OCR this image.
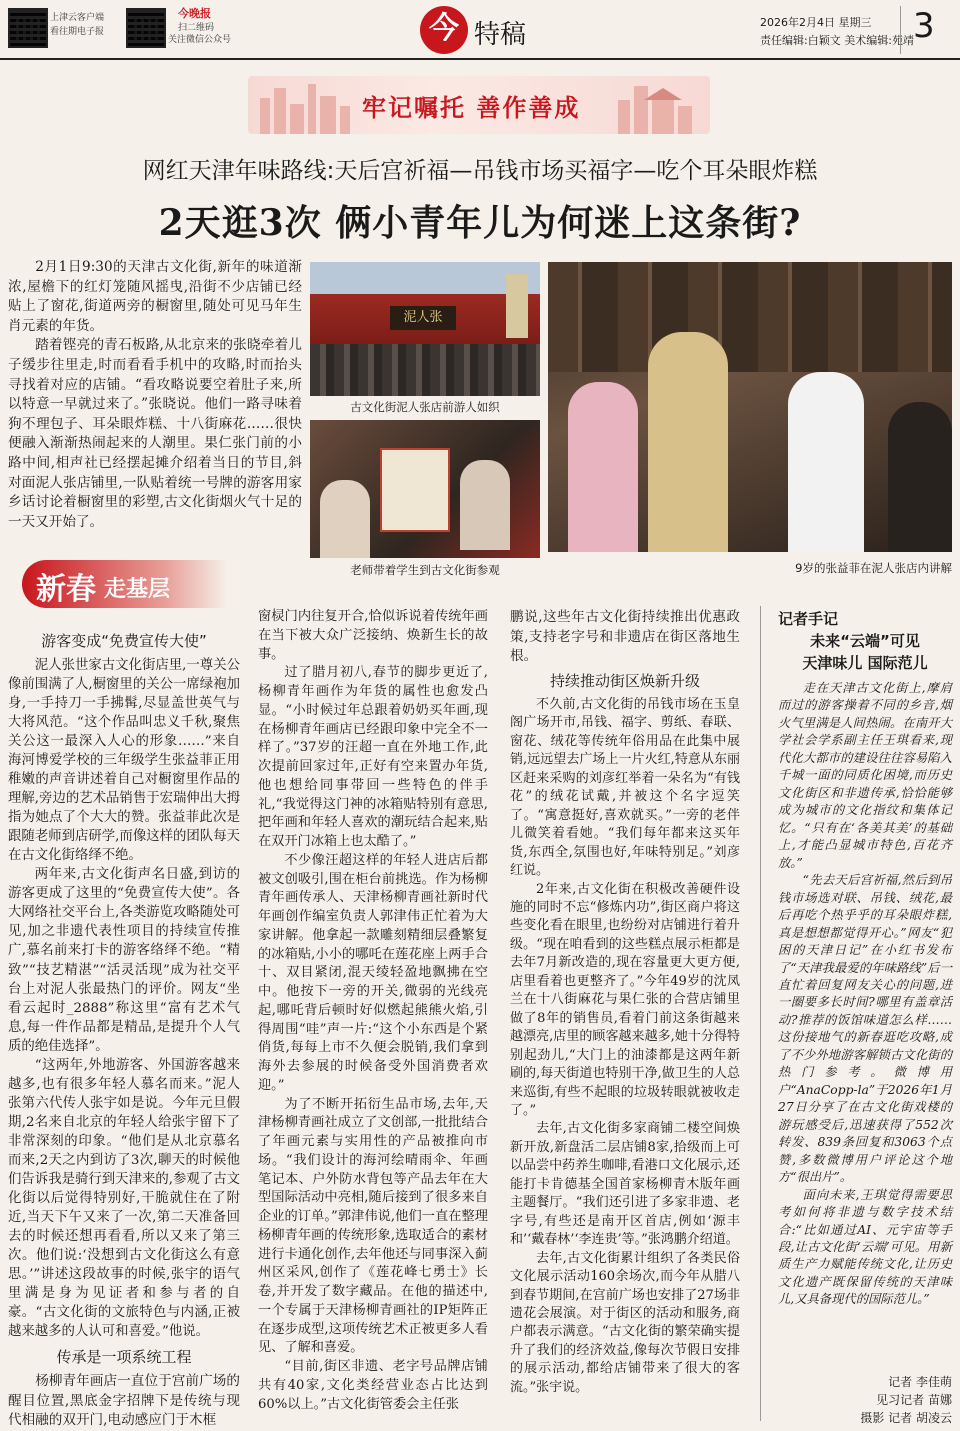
上津云客户端
看往期电子报
今晚报
扫二维码
关注微信公众号	今 特稿	2026年2月4日 星期三
责任编辑:白颖文 美术编辑:苑靖 3
牢记嘱托 善作善成
网红天津年味路线:天后宫祈福—吊钱市场买福字—吃个耳朵眼炸糕
2天逛3次 俩小青年儿为何迷上这条街?

2月1日9:30的天津古文化街,新年的味道渐浓,屋檐下的红灯笼随风摇曳,沿街不少店铺已经贴上了窗花,街道两旁的橱窗里,随处可见马年生肖元素的年货。

踏着铿亮的青石板路,从北京来的张晓牵着儿子缓步往里走,时而看看手机中的攻略,时而抬头寻找着对应的店铺。“看攻略说要空着肚子来,所以特意一早就过来了。”张晓说。他们一路寻味着狗不理包子、耳朵眼炸糕、十八街麻花……很快便融入渐渐热闹起来的人潮里。果仁张门前的小路中间,相声社已经摆起摊介绍着当日的节目,斜对面泥人张店铺里,一队贴着统一号牌的游客用家乡话讨论着橱窗里的彩塑,古文化街烟火气十足的一天又开始了。

泥人张
古文化街泥人张店前游人如织
老师带着学生到古文化街参观	9岁的张益菲在泥人张店内讲解
新春 走基层
游客变成“免费宣传大使”

泥人张世家古文化街店里,一尊关公像前围满了人,橱窗里的关公一席绿袍加身,一手持刀一手拂髯,尽显盖世英气与大将风范。“这个作品叫忠义千秋,聚焦关公这一最深入人心的形象……”来自海河博爱学校的三年级学生张益菲正用稚嫩的声音讲述着自己对橱窗里作品的理解,旁边的艺术品销售于宏瑞伸出大拇指为她点了个大大的赞。张益菲此次是跟随老师到店研学,而像这样的团队每天在古文化街络绎不绝。

两年来,古文化街声名日盛,到访的游客更成了这里的“免费宣传大使”。各大网络社交平台上,各类游览攻略随处可见,加之非遗代表性项目的持续宣传推广,慕名前来打卡的游客络绎不绝。“精致”“技艺精湛”“活灵活现”成为社交平台上对泥人张最热门的评价。网友“坐看云起时_2888”称这里“富有艺术气息,每一件作品都是精品,是提升个人气质的绝佳选择”。

“这两年,外地游客、外国游客越来越多,也有很多年轻人慕名而来。”泥人张第六代传人张宇如是说。今年元旦假期,2名来自北京的年轻人给张宇留下了非常深刻的印象。“他们是从北京慕名而来,2天之内到访了3次,聊天的时候他们告诉我是骑行到天津来的,参观了古文化街以后觉得特别好,干脆就住在了附近,当天下午又来了一次,第二天准备回去的时候还想再看看,所以又来了第三次。他们说:‘没想到古文化街这么有意思。’”讲述这段故事的时候,张宇的语气里满是身为见证者和参与者的自豪。“古文化街的文旅特色与内涵,正被越来越多的人认可和喜爱。”他说。

传承是一项系统工程

杨柳青年画店一直位于宫前广场的醒目位置,黑底金字招牌下是传统与现代相融的双开门,电动感应门于木框

窗棂门内往复开合,恰似诉说着传统年画在当下被大众广泛接纳、焕新生长的故事。

过了腊月初八,春节的脚步更近了,杨柳青年画作为年货的属性也愈发凸显。“小时候过年总跟着奶奶买年画,现在杨柳青年画店已经跟印象中完全不一样了。”37岁的汪超一直在外地工作,此次提前回家过年,正好有空来置办年货,他也想给同事带回一些特色的伴手礼,“我觉得这门神的冰箱贴特别有意思,把年画和年轻人喜欢的潮玩结合起来,贴在双开门冰箱上也太酷了。”

不少像汪超这样的年轻人进店后都被文创吸引,围在柜台前挑选。作为杨柳青年画传承人、天津杨柳青画社新时代年画创作编室负责人郭津伟正忙着为大家讲解。他拿起一款雕刻精细层叠繁复的冰箱贴,小小的哪吒在莲花座上两手合十、双目紧闭,混天绫轻盈地飘拂在空中。他按下一旁的开关,微弱的光线亮起,哪吒背后顿时好似燃起熊熊火焰,引得周围“哇”声一片:“这个小东西是个紧俏货,每每上市不久便会脱销,我们拿到海外去参展的时候备受外国消费者欢迎。”

为了不断开拓衍生品市场,去年,天津杨柳青画社成立了文创部,一批批结合了年画元素与实用性的产品被推向市场。“我们设计的海河绘晴雨伞、年画笔记本、户外防水背包等产品去年在大型国际活动中亮相,随后接到了很多来自企业的订单。”郭津伟说,他们一直在整理杨柳青年画的传统形象,选取适合的素材进行卡通化创作,去年他还与同事深入蓟州区采风,创作了《莲花峰七勇士》长卷,并开发了数字藏品。在他的描述中,一个专属于天津杨柳青画社的IP矩阵正在逐步成型,这项传统艺术正被更多人看见、了解和喜爱。

“目前,街区非遗、老字号品牌店铺共有40家,文化类经营业态占比达到60%以上。”古文化街管委会主任张

鹏说,这些年古文化街持续推出优惠政策,支持老字号和非遗店在街区落地生根。

持续推动街区焕新升级

不久前,古文化街的吊钱市场在玉皇阁广场开市,吊钱、福字、剪纸、春联、窗花、绒花等传统年俗用品在此集中展销,远远望去广场上一片火红,特意从东丽区赶来采购的刘彦红举着一朵名为“有钱花”的绒花试戴,并被这个名字逗笑了。“寓意挺好,喜欢就买。”一旁的老伴儿微笑着看她。“我们每年都来这买年货,东西全,氛围也好,年味特别足。”刘彦红说。

2年来,古文化街在积极改善硬件设施的同时不忘“修炼内功”,街区商户将这些变化看在眼里,也纷纷对店铺进行着升级。“现在咱看到的这些糕点展示柜都是去年7月新改造的,现在容量更大更方便,店里看着也更整齐了。”今年49岁的沈凤兰在十八街麻花与果仁张的合营店铺里做了8年的销售员,看着门前这条街越来越漂亮,店里的顾客越来越多,她十分得特别起劲儿,“大门上的油漆都是这两年新刷的,每天街道也特别干净,做卫生的人总来巡街,有些不起眼的垃圾转眼就被收走了。”

去年,古文化街多家商铺二楼空间焕新开放,新盘活二层店铺8家,拾级而上可以品尝中药养生咖啡,看港口文化展示,还能打卡肯德基全国首家杨柳青木版年画主题餐厅。“我们还引进了多家非遗、老字号,有些还是南开区首店,例如‘源丰和’‘戴春林’‘李连贵’等。”张鸿鹏介绍道。

去年,古文化街累计组织了各类民俗文化展示活动160余场次,而今年从腊八到春节期间,在宫前广场也安排了27场非遗花会展演。对于街区的活动和服务,商户都表示满意。“古文化街的繁荣确实提升了我们的经济效益,像每次节假日安排的展示活动,都给店铺带来了很大的客流。”张宇说。

记者手记
未来“云端”可见
天津味儿 国际范儿

走在天津古文化街上,摩肩而过的游客操着不同的乡音,烟火气里满是人间热闹。在南开大学社会学系副主任王琪看来,现代化大都市的建设往往容易陷入千城一面的同质化困境,而历史文化街区和非遗传承,恰恰能够成为城市的文化指纹和集体记忆。“只有在‘各美其美’的基础上,才能凸显城市特色,百花齐放。”

“先去天后宫祈福,然后到吊钱市场选对联、吊钱、绒花,最后再吃个热乎乎的耳朵眼炸糕,真是想想都觉得开心。”网友“犯困的天津日记”在小红书发布了“天津我最爱的年味路线”后一直忙着回复网友关心的问题,进一圈要多长时间?哪里有盖章活动?推荐的饭馆味道怎么样……这份接地气的新春逛吃攻略,成了不少外地游客解锁古文化街的热门参考。微博用户“AnaCopp-la”于2026年1月27日分享了在古文化街戏楼的游玩感受后,迅速获得了552次转发、839条回复和3063个点赞,多数微博用户评论这个地方“很出片”。

面向未来,王琪觉得需要思考如何将非遗与数字技术结合:“比如通过AI、元宇宙等手段,让古文化街‘云端’可见。用新质生产力赋能传统文化,让历史文化遗产既保留传统的天津味儿,又具备现代的国际范儿。”

记者 李佳萌
见习记者 苗娜
摄影 记者 胡凌云
